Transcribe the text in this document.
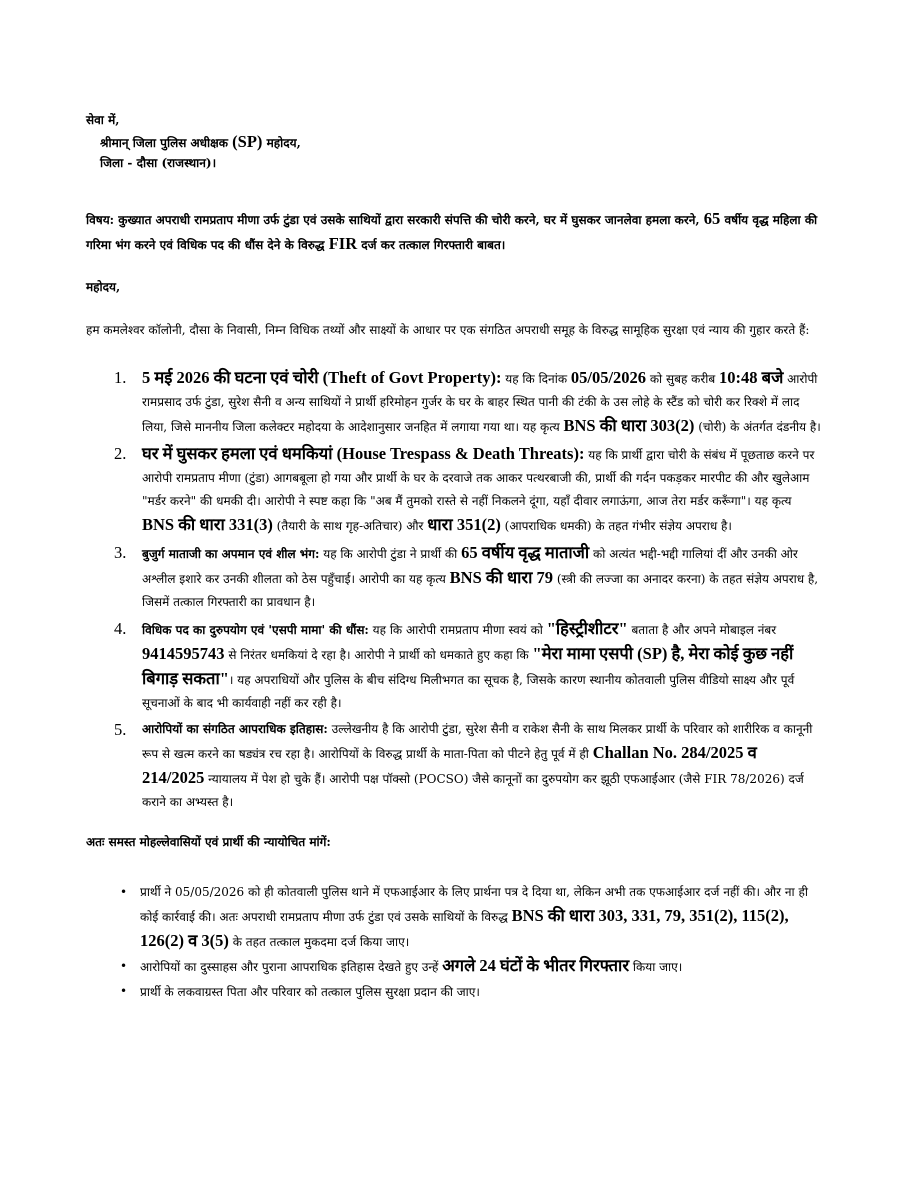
सेवा में,

श्रीमान् जिला पुलिस अधीक्षक (SP) महोदय,

जिला - दौसा (राजस्थान)।

विषय: कुख्यात अपराधी रामप्रताप मीणा उर्फ टुंडा एवं उसके साथियों द्वारा सरकारी संपत्ति की चोरी करने, घर में घुसकर जानलेवा हमला करने, 65 वर्षीय वृद्ध महिला की गरिमा भंग करने एवं विधिक पद की धौंस देने के विरुद्ध FIR दर्ज कर तत्काल गिरफ्तारी बाबत।

महोदय,

हम कमलेश्वर कॉलोनी, दौसा के निवासी, निम्न विधिक तथ्यों और साक्ष्यों के आधार पर एक संगठित अपराधी समूह के विरुद्ध सामूहिक सुरक्षा एवं न्याय की गुहार करते हैं:

1. 5 मई 2026 की घटना एवं चोरी (Theft of Govt Property): यह कि दिनांक 05/05/2026 को सुबह करीब 10:48 बजे आरोपी रामप्रसाद उर्फ टुंडा, सुरेश सैनी व अन्य साथियों ने प्रार्थी हरिमोहन गुर्जर के घर के बाहर स्थित पानी की टंकी के उस लोहे के स्टैंड को चोरी कर रिक्शे में लाद लिया, जिसे माननीय जिला कलेक्टर महोदया के आदेशानुसार जनहित में लगाया गया था। यह कृत्य BNS की धारा 303(2) (चोरी) के अंतर्गत दंडनीय है।
2. घर में घुसकर हमला एवं धमकियां (House Trespass & Death Threats): यह कि प्रार्थी द्वारा चोरी के संबंध में पूछताछ करने पर आरोपी रामप्रताप मीणा (टुंडा) आगबबूला हो गया और प्रार्थी के घर के दरवाजे तक आकर पत्थरबाजी की, प्रार्थी की गर्दन पकड़कर मारपीट की और खुलेआम "मर्डर करने" की धमकी दी। आरोपी ने स्पष्ट कहा कि "अब मैं तुमको रास्ते से नहीं निकलने दूंगा, यहाँ दीवार लगाऊंगा, आज तेरा मर्डर करूँगा"। यह कृत्य BNS की धारा 331(3) (तैयारी के साथ गृह-अतिचार) और धारा 351(2) (आपराधिक धमकी) के तहत गंभीर संज्ञेय अपराध है।
3. बुजुर्ग माताजी का अपमान एवं शील भंग: यह कि आरोपी टुंडा ने प्रार्थी की 65 वर्षीय वृद्ध माताजी को अत्यंत भद्दी-भद्दी गालियां दीं और उनकी ओर अश्लील इशारे कर उनकी शीलता को ठेस पहुँचाई। आरोपी का यह कृत्य BNS की धारा 79 (स्त्री की लज्जा का अनादर करना) के तहत संज्ञेय अपराध है, जिसमें तत्काल गिरफ्तारी का प्रावधान है।
4. विधिक पद का दुरुपयोग एवं 'एसपी मामा' की धौंस: यह कि आरोपी रामप्रताप मीणा स्वयं को "हिस्ट्रीशीटर" बताता है और अपने मोबाइल नंबर 9414595743 से निरंतर धमकियां दे रहा है। आरोपी ने प्रार्थी को धमकाते हुए कहा कि "मेरा मामा एसपी (SP) है, मेरा कोई कुछ नहीं बिगाड़ सकता"। यह अपराधियों और पुलिस के बीच संदिग्ध मिलीभगत का सूचक है, जिसके कारण स्थानीय कोतवाली पुलिस वीडियो साक्ष्य और पूर्व सूचनाओं के बाद भी कार्यवाही नहीं कर रही है।
5. आरोपियों का संगठित आपराधिक इतिहास: उल्लेखनीय है कि आरोपी टुंडा, सुरेश सैनी व राकेश सैनी के साथ मिलकर प्रार्थी के परिवार को शारीरिक व कानूनी रूप से खत्म करने का षड्यंत्र रच रहा है। आरोपियों के विरुद्ध प्रार्थी के माता-पिता को पीटने हेतु पूर्व में ही Challan No. 284/2025 व 214/2025 न्यायालय में पेश हो चुके हैं। आरोपी पक्ष पॉक्सो (POCSO) जैसे कानूनों का दुरुपयोग कर झूठी एफआईआर (जैसे FIR 78/2026) दर्ज कराने का अभ्यस्त है।

अतः समस्त मोहल्लेवासियों एवं प्रार्थी की न्यायोचित मांगें:

• प्रार्थी ने 05/05/2026 को ही कोतवाली पुलिस थाने में एफआईआर के लिए प्रार्थना पत्र दे दिया था, लेकिन अभी तक एफआईआर दर्ज नहीं की। और ना ही कोई कार्रवाई की। अतः अपराधी रामप्रताप मीणा उर्फ टुंडा एवं उसके साथियों के विरुद्ध BNS की धारा 303, 331, 79, 351(2), 115(2), 126(2) व 3(5) के तहत तत्काल मुकदमा दर्ज किया जाए।
• आरोपियों का दुस्साहस और पुराना आपराधिक इतिहास देखते हुए उन्हें अगले 24 घंटों के भीतर गिरफ्तार किया जाए।
• प्रार्थी के लकवाग्रस्त पिता और परिवार को तत्काल पुलिस सुरक्षा प्रदान की जाए।
